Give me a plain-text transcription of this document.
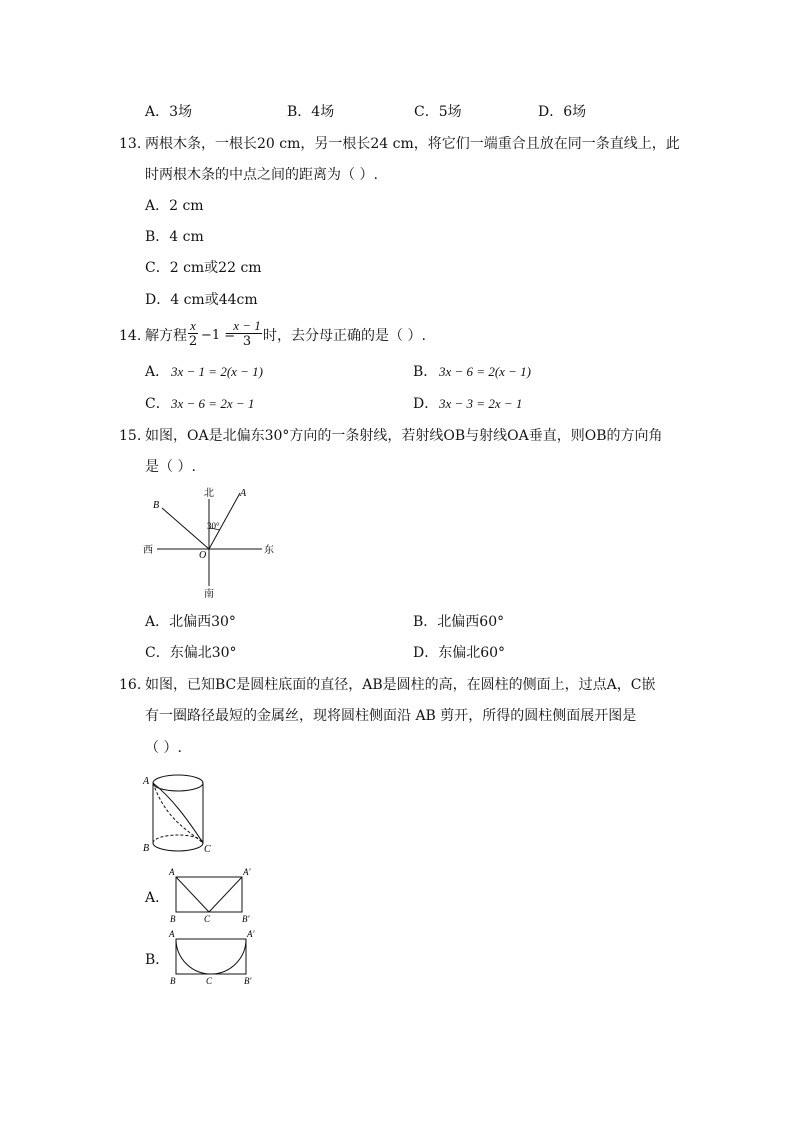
A．3场	B．4场	C．5场	D．6场
13. 两根木条，一根长20 cm，另一根长24 cm，将它们一端重合且放在同一条直线上，此
时两根木条的中点之间的距离为（ ）.
A．2 cm
B．4 cm
C．2 cm或22 cm
D．4 cm或44cm
14. 解方程 $\frac{x}{2} -1$ =
$\frac{x - 1}{3}$ 时，去分母正确的是（ ）.
A． 3x − 1 = 2(x − 1)	B． 3x − 6 = 2(x − 1)
C． 3x − 6 = 2x − 1	D． 3x − 3 = 2x − 1
15. 如图，OA是北偏东30°方向的一条射线，若射线OB与射线OA垂直，则OB的方向角
是（ ）.
北
南
东
西	O
A
B
30°
A．北偏西30°	B．北偏西60°
C．东偏北30°	D．东偏北60°
16. 如图，已知BC是圆柱底面的直径，AB是圆柱的高，在圆柱的侧面上，过点A，C嵌
有一圈路径最短的金属丝，现将圆柱侧面沿 AB 剪开，所得的圆柱侧面展开图是
（ ）.
A
B	C
A．
A	A′
B	C	B′
B．
A	A′
B	C	B′
